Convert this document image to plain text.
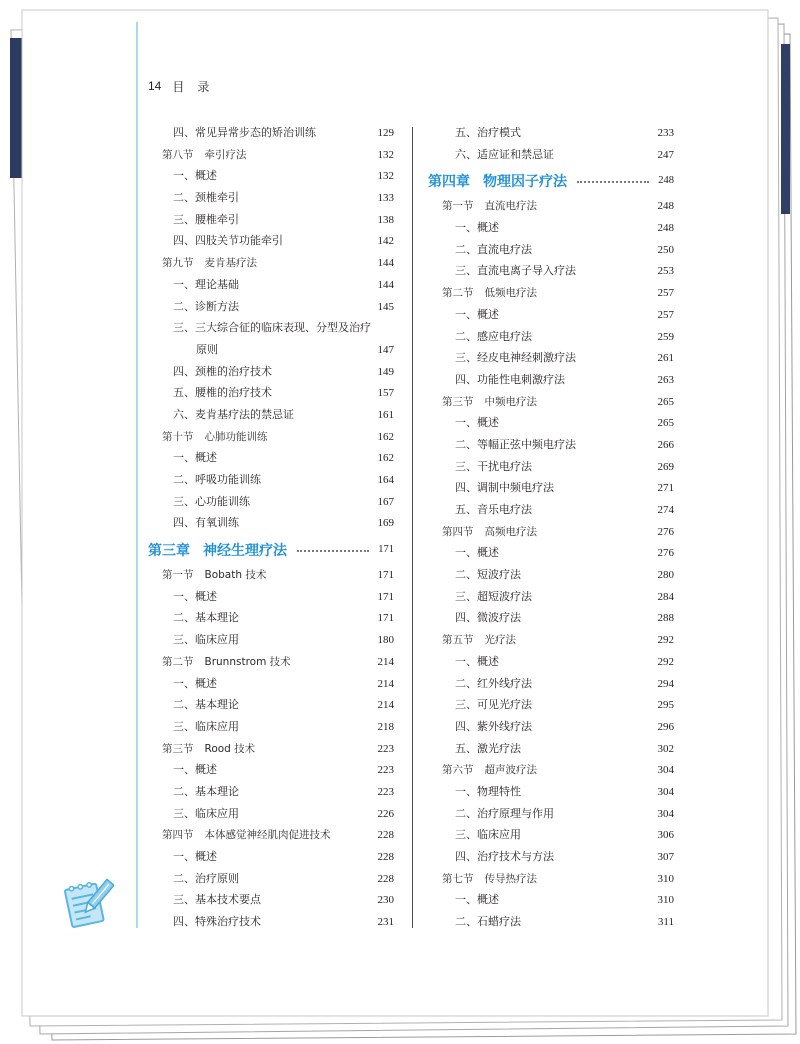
14 目 录
四、常见异常步态的矫治训练	129
第八节 牵引疗法	132
一、概述	132
二、颈椎牵引	133
三、腰椎牵引	138
四、四肢关节功能牵引	142
第九节 麦肯基疗法	144
一、理论基础	144
二、诊断方法	145
三、三大综合征的临床表现、分型及治疗
原则	147
四、颈椎的治疗技术	149
五、腰椎的治疗技术	157
六、麦肯基疗法的禁忌证	161
第十节 心肺功能训练	162
一、概述	162
二、呼吸功能训练	164
三、心功能训练	167
四、有氧训练	169
第三章 神经生理疗法	171
第一节 Bobath 技术	171
一、概述	171
二、基本理论	171
三、临床应用	180
第二节 Brunnstrom 技术	214
一、概述	214
二、基本理论	214
三、临床应用	218
第三节 Rood 技术	223
一、概述	223
二、基本理论	223
三、临床应用	226
第四节 本体感觉神经肌肉促进技术	228
一、概述	228
二、治疗原则	228
三、基本技术要点	230
四、特殊治疗技术	231
五、治疗模式	233
六、适应证和禁忌证	247
第四章 物理因子疗法	248
第一节 直流电疗法	248
一、概述	248
二、直流电疗法	250
三、直流电离子导入疗法	253
第二节 低频电疗法	257
一、概述	257
二、感应电疗法	259
三、经皮电神经刺激疗法	261
四、功能性电刺激疗法	263
第三节 中频电疗法	265
一、概述	265
二、等幅正弦中频电疗法	266
三、干扰电疗法	269
四、调制中频电疗法	271
五、音乐电疗法	274
第四节 高频电疗法	276
一、概述	276
二、短波疗法	280
三、超短波疗法	284
四、微波疗法	288
第五节 光疗法	292
一、概述	292
二、红外线疗法	294
三、可见光疗法	295
四、紫外线疗法	296
五、激光疗法	302
第六节 超声波疗法	304
一、物理特性	304
二、治疗原理与作用	304
三、临床应用	306
四、治疗技术与方法	307
第七节 传导热疗法	310
一、概述	310
二、石蜡疗法	311
